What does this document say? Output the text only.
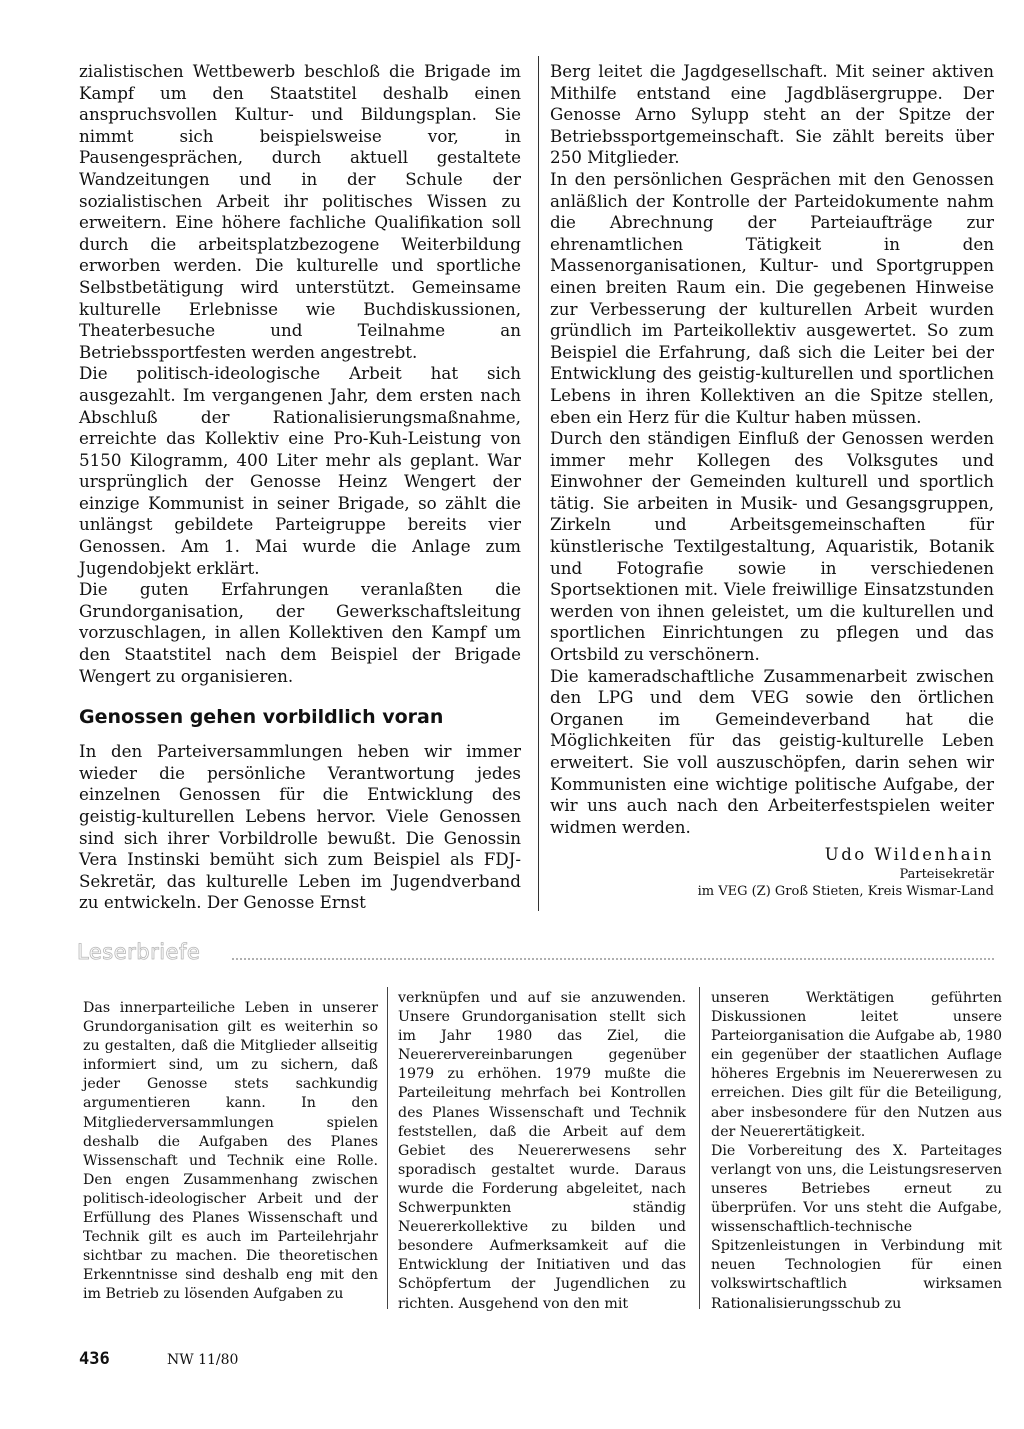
zialistischen Wettbewerb beschloß die Brigade im Kampf um den Staatstitel deshalb einen anspruchsvollen Kultur- und Bildungsplan. Sie nimmt sich beispielsweise vor, in Pausengesprächen, durch aktuell gestaltete Wandzeitungen und in der Schule der sozialistischen Arbeit ihr politisches Wissen zu erweitern. Eine höhere fachliche Qualifikation soll durch die arbeitsplatzbezogene Weiterbildung erworben werden. Die kulturelle und sportliche Selbstbetätigung wird unterstützt. Gemeinsame kulturelle Erlebnisse wie Buchdiskussionen, Theaterbesuche und Teilnahme an Betriebssportfesten werden angestrebt.

Die politisch-ideologische Arbeit hat sich ausgezahlt. Im vergangenen Jahr, dem ersten nach Abschluß der Rationalisierungsmaßnahme, erreichte das Kollektiv eine Pro-Kuh-Leistung von 5150 Kilogramm, 400 Liter mehr als geplant. War ursprünglich der Genosse Heinz Wengert der einzige Kommunist in seiner Brigade, so zählt die unlängst gebildete Parteigruppe bereits vier Genossen. Am 1. Mai wurde die Anlage zum Jugendobjekt erklärt.

Die guten Erfahrungen veranlaßten die Grundorganisation, der Gewerkschaftsleitung vorzuschlagen, in allen Kollektiven den Kampf um den Staatstitel nach dem Beispiel der Brigade Wengert zu organisieren.

Genossen gehen vorbildlich voran

In den Parteiversammlungen heben wir immer wieder die persönliche Verantwortung jedes einzelnen Genossen für die Entwicklung des geistig-kulturellen Lebens hervor. Viele Genossen sind sich ihrer Vorbildrolle bewußt. Die Genossin Vera Instinski bemüht sich zum Beispiel als FDJ-Sekretär, das kulturelle Leben im Jugendverband zu entwickeln. Der Genosse Ernst

Berg leitet die Jagdgesellschaft. Mit seiner aktiven Mithilfe entstand eine Jagdbläsergruppe. Der Genosse Arno Sylupp steht an der Spitze der Betriebssportgemeinschaft. Sie zählt bereits über 250 Mitglieder.

In den persönlichen Gesprächen mit den Genossen anläßlich der Kontrolle der Parteidokumente nahm die Abrechnung der Parteiaufträge zur ehrenamtlichen Tätigkeit in den Massenorganisationen, Kultur- und Sportgruppen einen breiten Raum ein. Die gegebenen Hinweise zur Verbesserung der kulturellen Arbeit wurden gründlich im Parteikollektiv ausgewertet. So zum Beispiel die Erfahrung, daß sich die Leiter bei der Entwicklung des geistig-kulturellen und sportlichen Lebens in ihren Kollektiven an die Spitze stellen, eben ein Herz für die Kultur haben müssen.

Durch den ständigen Einfluß der Genossen werden immer mehr Kollegen des Volksgutes und Einwohner der Gemeinden kulturell und sportlich tätig. Sie arbeiten in Musik- und Gesangsgruppen, Zirkeln und Arbeitsgemeinschaften für künstlerische Textilgestaltung, Aquaristik, Botanik und Fotografie sowie in verschiedenen Sportsektionen mit. Viele freiwillige Einsatzstunden werden von ihnen geleistet, um die kulturellen und sportlichen Einrichtungen zu pflegen und das Ortsbild zu verschönern.

Die kameradschaftliche Zusammenarbeit zwischen den LPG und dem VEG sowie den örtlichen Organen im Gemeindeverband hat die Möglichkeiten für das geistig-kulturelle Leben erweitert. Sie voll auszuschöpfen, darin sehen wir Kommunisten eine wichtige politische Aufgabe, der wir uns auch nach den Arbeiterfestspielen weiter widmen werden.

Udo Wildenhain
Parteisekretär
im VEG (Z) Groß Stieten, Kreis Wismar-Land
Leserbriefe

Das innerparteiliche Leben in unserer Grundorganisation gilt es weiterhin so zu gestalten, daß die Mitglieder allseitig informiert sind, um zu sichern, daß jeder Genosse stets sachkundig argumentieren kann. In den Mitgliederversammlungen spielen deshalb die Aufgaben des Planes Wissenschaft und Technik eine Rolle. Den engen Zusammenhang zwischen politisch-ideologischer Arbeit und der Erfüllung des Planes Wissenschaft und Technik gilt es auch im Parteilehrjahr sichtbar zu machen. Die theoretischen Erkenntnisse sind deshalb eng mit den im Betrieb zu lösenden Aufgaben zu

verknüpfen und auf sie anzuwenden. Unsere Grundorganisation stellt sich im Jahr 1980 das Ziel, die Neuerervereinbarungen gegenüber 1979 zu erhöhen. 1979 mußte die Parteileitung mehrfach bei Kontrollen des Planes Wissenschaft und Technik feststellen, daß die Arbeit auf dem Gebiet des Neuererwesens sehr sporadisch gestaltet wurde. Daraus wurde die Forderung abgeleitet, nach Schwerpunkten ständig Neuererkollektive zu bilden und besondere Aufmerksamkeit auf die Entwicklung der Initiativen und das Schöpfertum der Jugendlichen zu richten. Ausgehend von den mit

unseren Werktätigen geführten Diskussionen leitet unsere Parteiorganisation die Aufgabe ab, 1980 ein gegenüber der staatlichen Auflage höheres Ergebnis im Neuererwesen zu erreichen. Dies gilt für die Beteiligung, aber insbesondere für den Nutzen aus der Neuerertätigkeit.

Die Vorbereitung des X. Parteitages verlangt von uns, die Leistungsreserven unseres Betriebes erneut zu überprüfen. Vor uns steht die Aufgabe, wissenschaftlich-technische Spitzenleistungen in Verbindung mit neuen Technologien für einen volkswirtschaftlich wirksamen Rationalisierungsschub zu

436	NW 11/80
